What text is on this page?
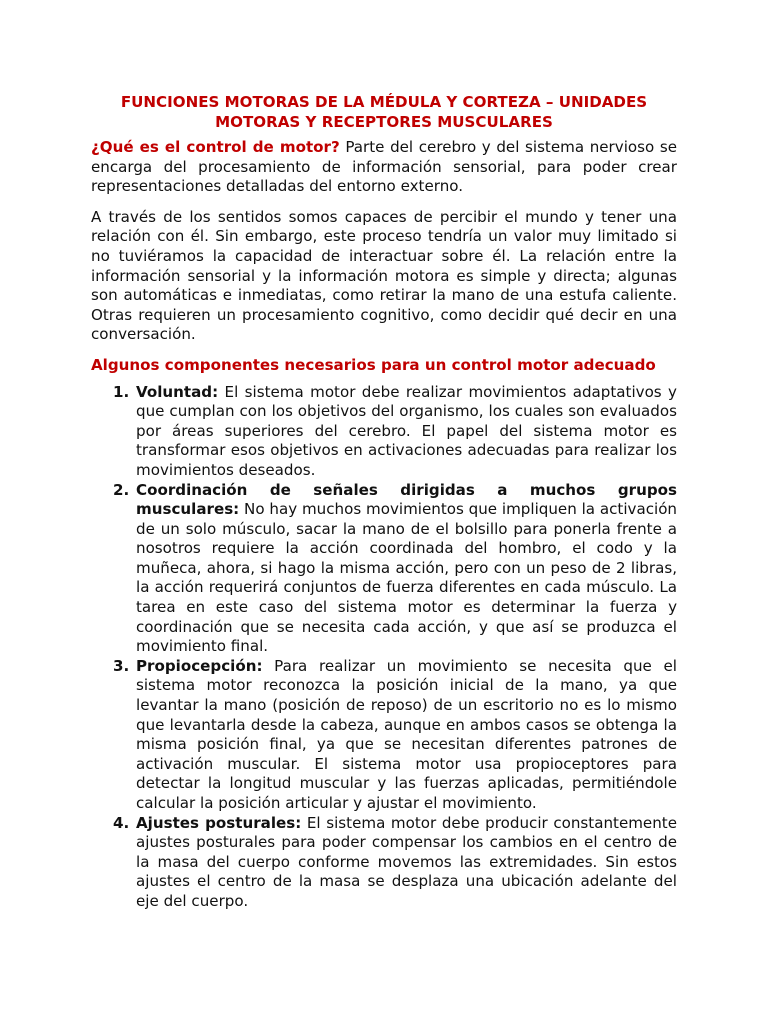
FUNCIONES MOTORAS DE LA MÉDULA Y CORTEZA – UNIDADES MOTORAS Y RECEPTORES MUSCULARES

¿Qué es el control de motor? Parte del cerebro y del sistema nervioso se encarga del procesamiento de información sensorial, para poder crear representaciones detalladas del entorno externo.

A través de los sentidos somos capaces de percibir el mundo y tener una relación con él. Sin embargo, este proceso tendría un valor muy limitado si no tuviéramos la capacidad de interactuar sobre él. La relación entre la información sensorial y la información motora es simple y directa; algunas son automáticas e inmediatas, como retirar la mano de una estufa caliente. Otras requieren un procesamiento cognitivo, como decidir qué decir en una conversación.

Algunos componentes necesarios para un control motor adecuado
1. Voluntad: El sistema motor debe realizar movimientos adaptativos y que cumplan con los objetivos del organismo, los cuales son evaluados por áreas superiores del cerebro. El papel del sistema motor es transformar esos objetivos en activaciones adecuadas para realizar los movimientos deseados.
2. Coordinación de señales dirigidas a muchos grupos musculares: No hay muchos movimientos que impliquen la activación de un solo músculo, sacar la mano de el bolsillo para ponerla frente a nosotros requiere la acción coordinada del hombro, el codo y la muñeca, ahora, si hago la misma acción, pero con un peso de 2 libras, la acción requerirá conjuntos de fuerza diferentes en cada músculo. La tarea en este caso del sistema motor es determinar la fuerza y coordinación que se necesita cada acción, y que así se produzca el movimiento final.
3. Propiocepción: Para realizar un movimiento se necesita que el sistema motor reconozca la posición inicial de la mano, ya que levantar la mano (posición de reposo) de un escritorio no es lo mismo que levantarla desde la cabeza, aunque en ambos casos se obtenga la misma posición final, ya que se necesitan diferentes patrones de activación muscular. El sistema motor usa propioceptores para detectar la longitud muscular y las fuerzas aplicadas, permitiéndole calcular la posición articular y ajustar el movimiento.
4. Ajustes posturales: El sistema motor debe producir constantemente ajustes posturales para poder compensar los cambios en el centro de la masa del cuerpo conforme movemos las extremidades. Sin estos ajustes el centro de la masa se desplaza una ubicación adelante del eje del cuerpo.
